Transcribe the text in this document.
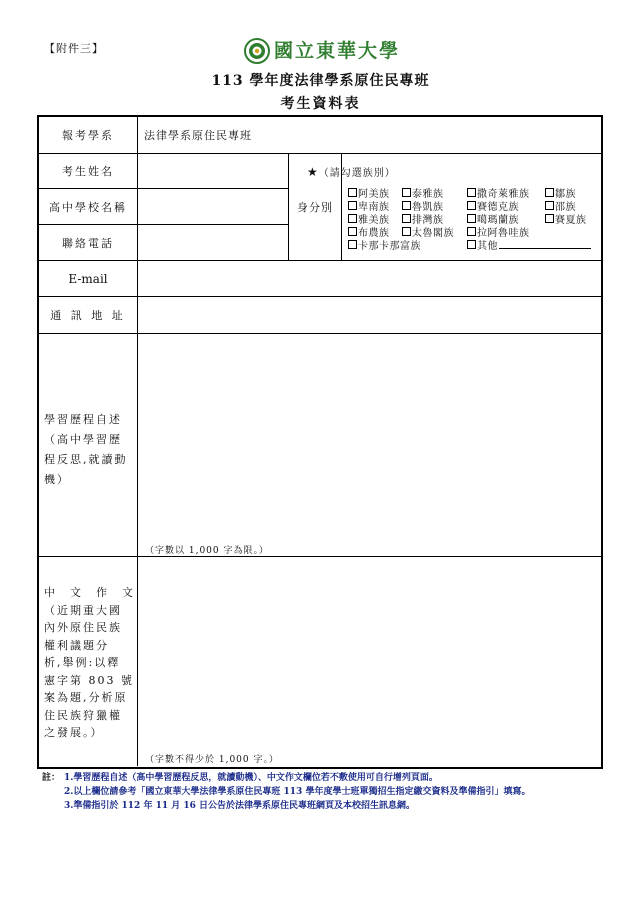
【附件三】	國立東華大學
113 學年度法律學系原住民專班
考生資料表
報考學系	法律學系原住民專班
考生姓名
高中學校名稱
聯絡電話
身分別
E-mail
通 訊 地 址
★（請勾選族別）
阿美族 泰雅族	撒奇萊雅族	鄒族
卑南族 魯凱族	賽德克族	邵族
雅美族 排灣族	噶瑪蘭族	賽夏族
布農族 太魯閣族 拉阿魯哇族
卡那卡那富族	其他
學習歷程自述
（高中學習歷
程反思,就讀動
機）
（字數以 1,000 字為限。）
中　文　作　文
（近期重大國
內外原住民族
權利議題分
析,舉例:以釋
憲字第 803 號
案為題,分析原
住民族狩獵權
之發展。）
（字數不得少於 1,000 字。）
註： 1.學習歷程自述（高中學習歷程反思，就讀動機）、中文作文欄位若不敷使用可自行增列頁面。
2.以上欄位請參考「國立東華大學法律學系原住民專班 113 學年度學士班單獨招生指定繳交資料及準備指引」填寫。
3.準備指引於 112 年 11 月 16 日公告於法律學系原住民專班網頁及本校招生訊息網。
